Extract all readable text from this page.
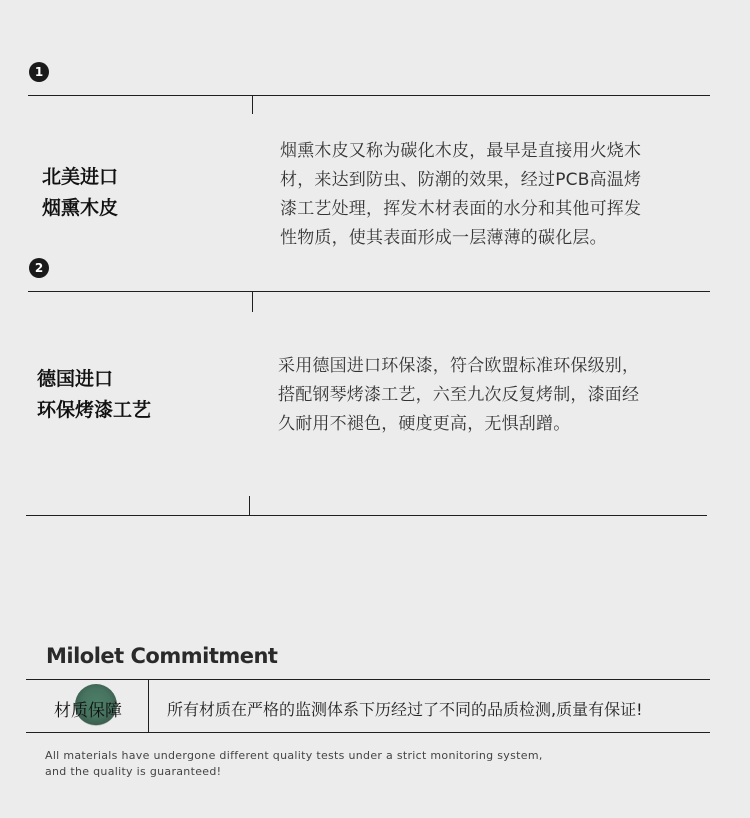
1
北美进口
烟熏木皮
烟熏木皮又称为碳化木皮，最早是直接用火烧木
材，来达到防虫、防潮的效果，经过PCB高温烤
漆工艺处理，挥发木材表面的水分和其他可挥发
性物质，使其表面形成一层薄薄的碳化层。
2
德国进口
环保烤漆工艺
采用德国进口环保漆，符合欧盟标准环保级别，
搭配钢琴烤漆工艺，六至九次反复烤制，漆面经
久耐用不褪色，硬度更高，无惧刮蹭。
Milolet Commitment
材质保障	所有材质在严格的监测体系下历经过了不同的品质检测,质量有保证!
All materials have undergone different quality tests under a strict monitoring system,
and the quality is guaranteed!
